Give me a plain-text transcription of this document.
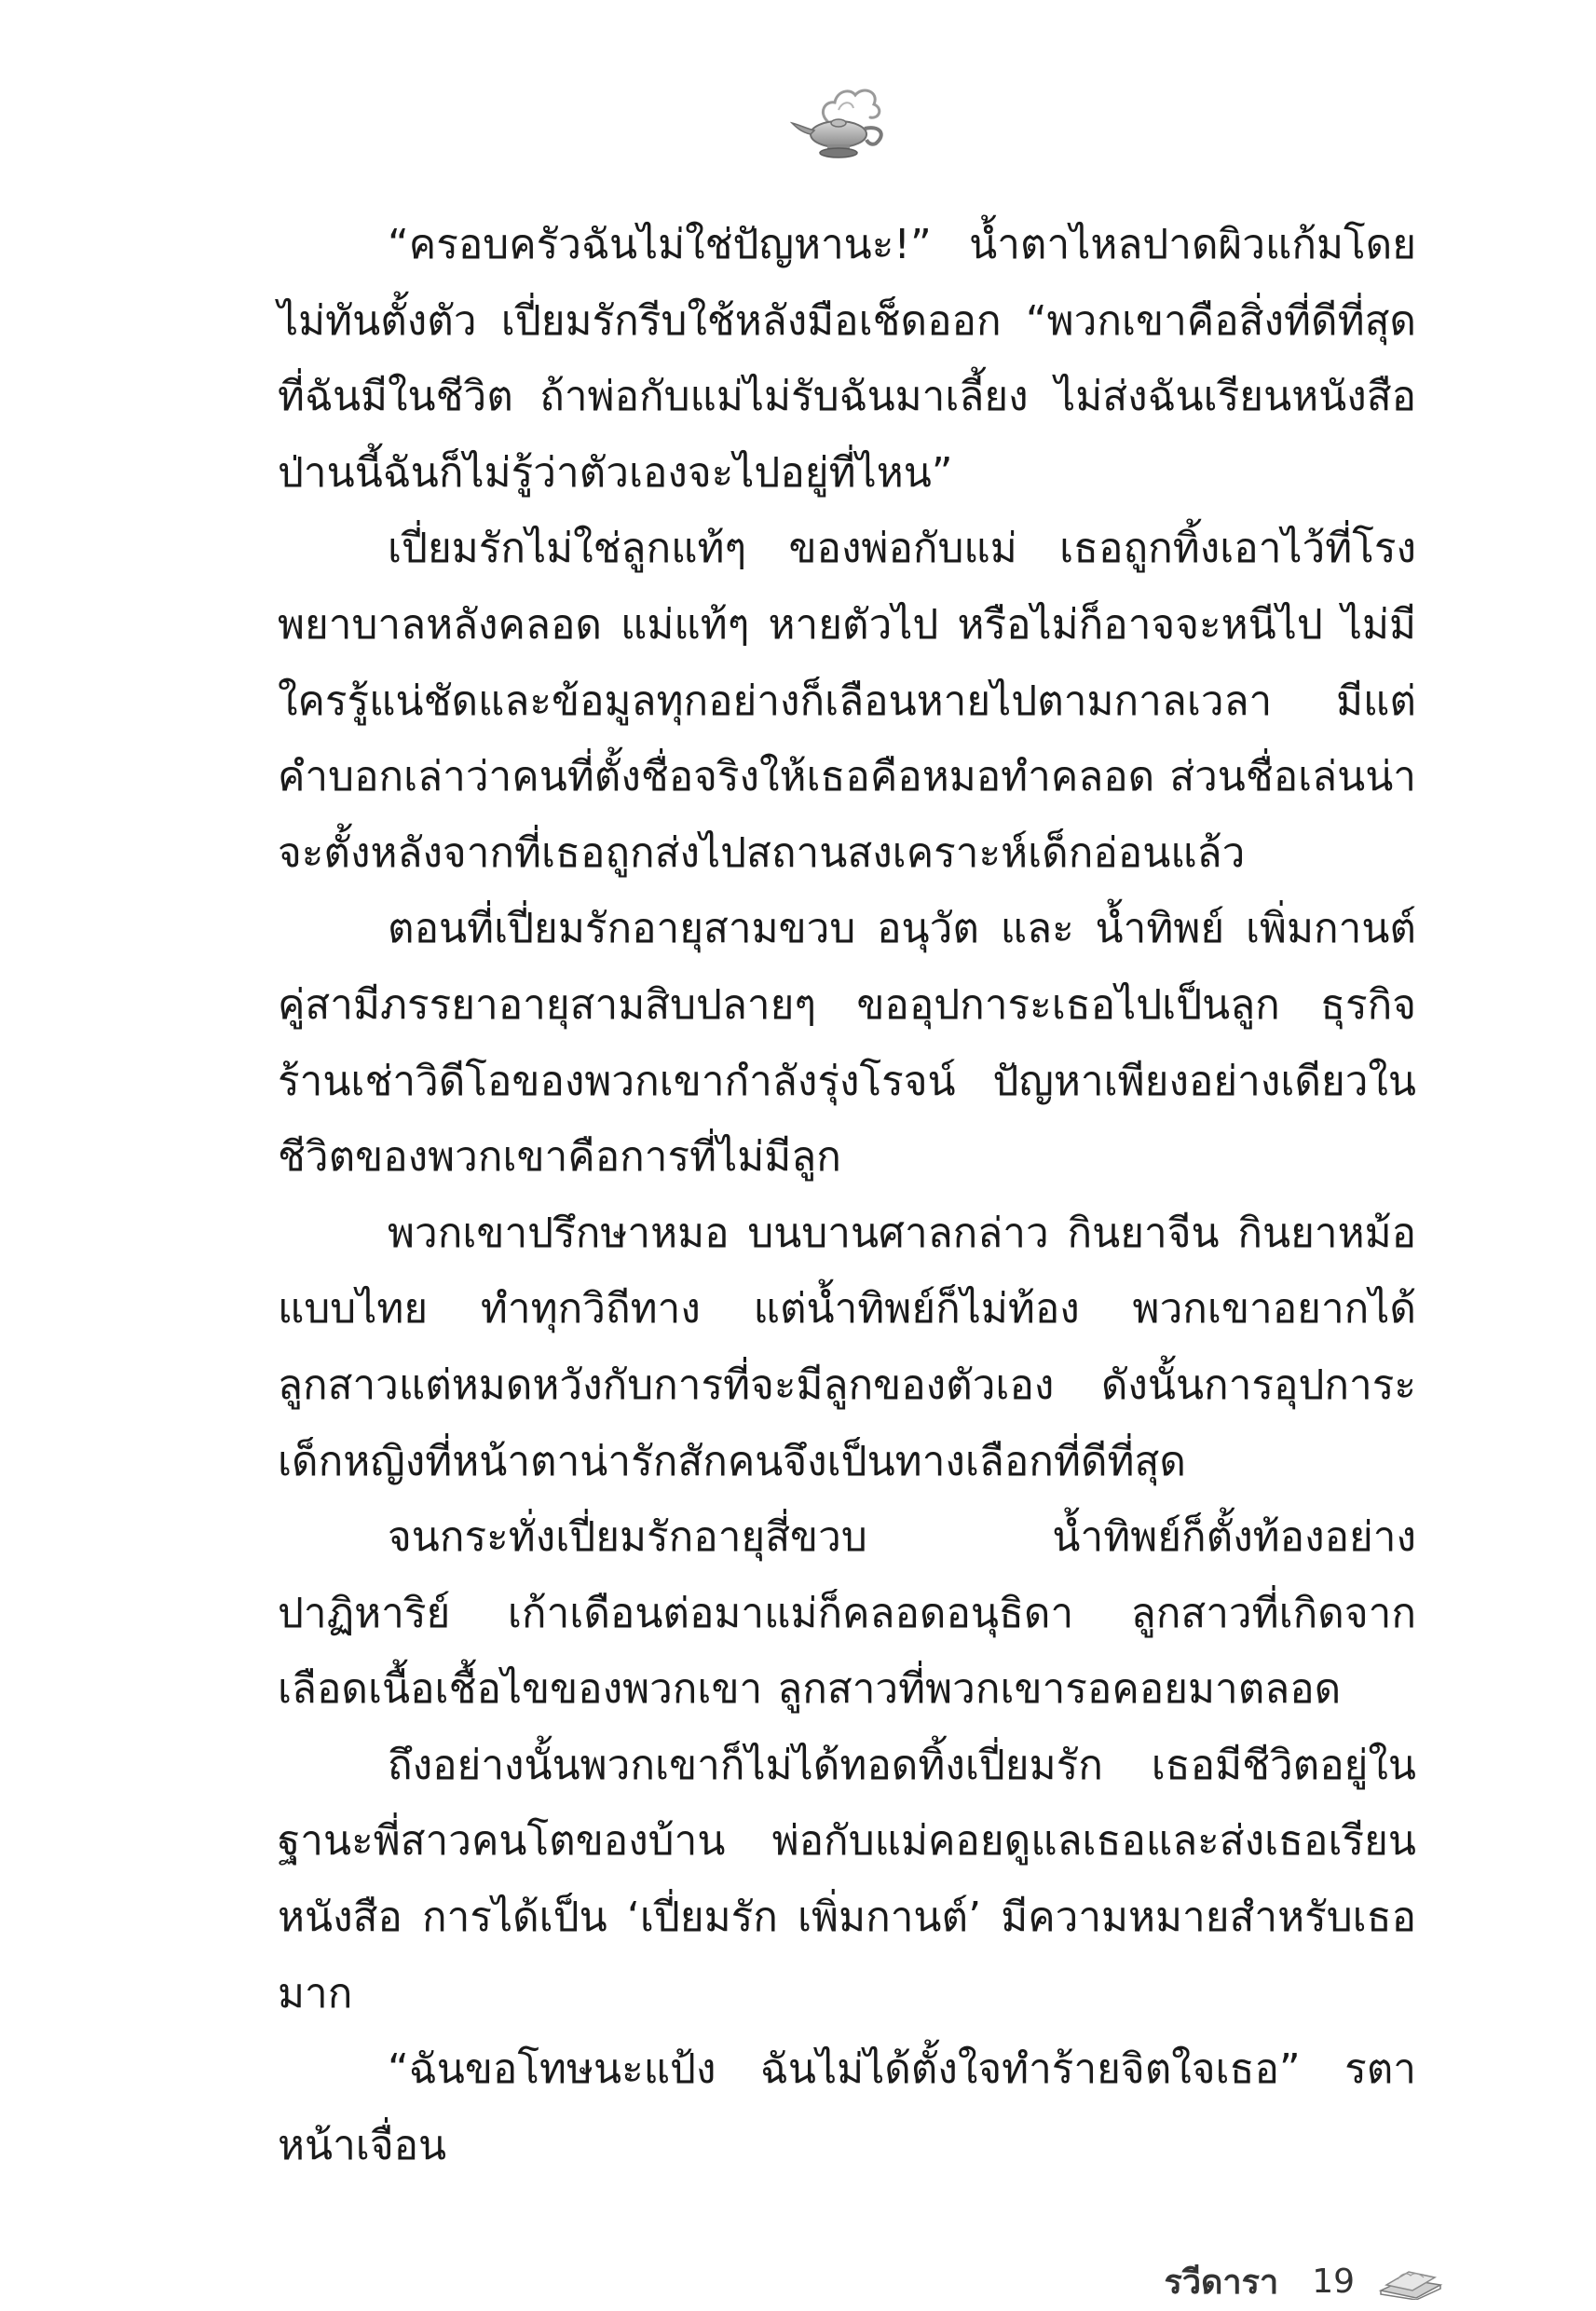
“ครอบครัวฉันไม่ใช่ปัญหานะ!” น้ำตาไหลปาดผิวแก้มโดยไม่ทันตั้งตัว เปี่ยมรักรีบใช้หลังมือเช็ดออก “พวกเขาคือสิ่งที่ดีที่สุดที่ฉันมีในชีวิต ถ้าพ่อกับแม่ไม่รับฉันมาเลี้ยง ไม่ส่งฉันเรียนหนังสือป่านนี้ฉันก็ไม่รู้ว่าตัวเองจะไปอยู่ที่ไหน”

เปี่ยมรักไม่ใช่ลูกแท้ๆ ของพ่อกับแม่ เธอถูกทิ้งเอาไว้ที่โรงพยาบาลหลังคลอด แม่แท้ๆ หายตัวไป หรือไม่ก็อาจจะหนีไป ไม่มีใครรู้แน่ชัดและข้อมูลทุกอย่างก็เลือนหายไปตามกาลเวลา มีแต่คำบอกเล่าว่าคนที่ตั้งชื่อจริงให้เธอคือหมอทำคลอด ส่วนชื่อเล่นน่าจะตั้งหลังจากที่เธอถูกส่งไปสถานสงเคราะห์เด็กอ่อนแล้ว

ตอนที่เปี่ยมรักอายุสามขวบ อนุวัต และ น้ำทิพย์ เพิ่มกานต์ คู่สามีภรรยาอายุสามสิบปลายๆ ขออุปการะเธอไปเป็นลูก ธุรกิจร้านเช่าวิดีโอของพวกเขากำลังรุ่งโรจน์ ปัญหาเพียงอย่างเดียวในชีวิตของพวกเขาคือการที่ไม่มีลูก

พวกเขาปรึกษาหมอ บนบานศาลกล่าว กินยาจีน กินยาหม้อแบบไทย ทำทุกวิถีทาง แต่น้ำทิพย์ก็ไม่ท้อง พวกเขาอยากได้ลูกสาวแต่หมดหวังกับการที่จะมีลูกของตัวเอง ดังนั้นการอุปการะเด็กหญิงที่หน้าตาน่ารักสักคนจึงเป็นทางเลือกที่ดีที่สุด

จนกระทั่งเปี่ยมรักอายุสี่ขวบ น้ำทิพย์ก็ตั้งท้องอย่างปาฏิหาริย์ เก้าเดือนต่อมาแม่ก็คลอดอนุธิดา ลูกสาวที่เกิดจากเลือดเนื้อเชื้อไขของพวกเขา ลูกสาวที่พวกเขารอคอยมาตลอด

ถึงอย่างนั้นพวกเขาก็ไม่ได้ทอดทิ้งเปี่ยมรัก เธอมีชีวิตอยู่ในฐานะพี่สาวคนโตของบ้าน พ่อกับแม่คอยดูแลเธอและส่งเธอเรียนหนังสือ การได้เป็น ‘เปี่ยมรัก เพิ่มกานต์’ มีความหมายสำหรับเธอมาก

“ฉันขอโทษนะแป้ง ฉันไม่ได้ตั้งใจทำร้ายจิตใจเธอ” รตาหน้าเจื่อน

รวีดารา 19
